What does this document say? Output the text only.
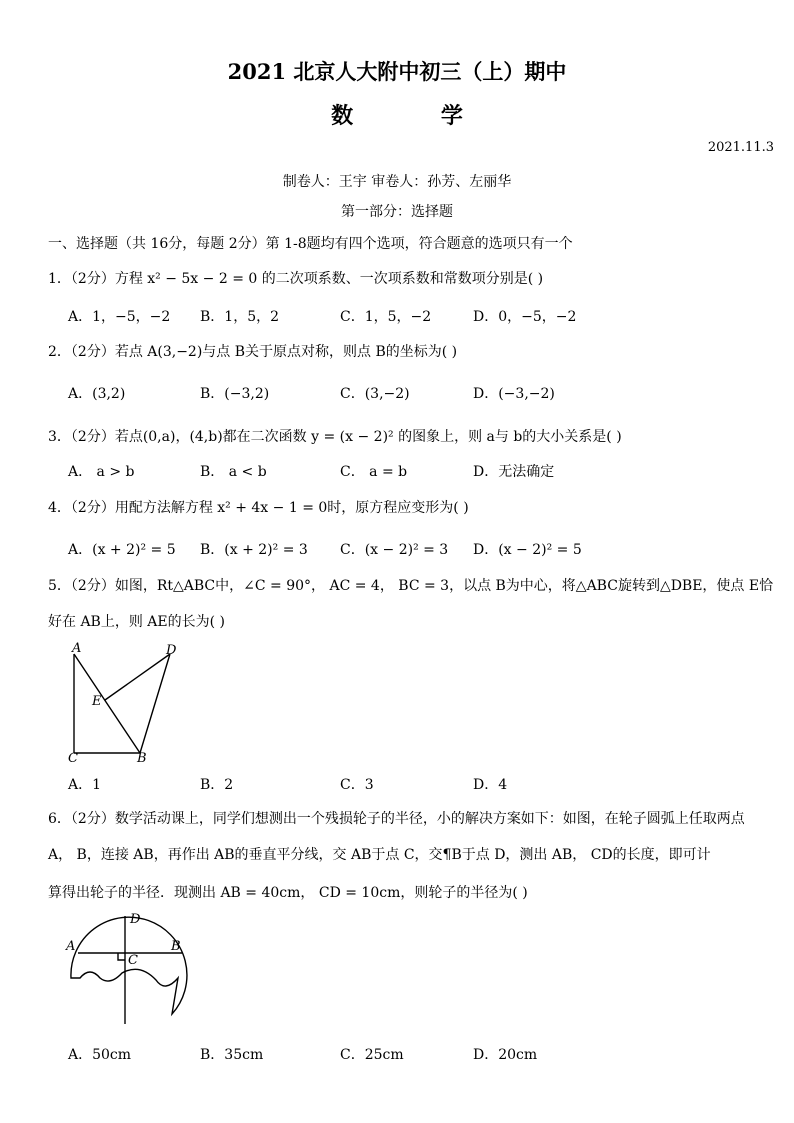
2021 北京人大附中初三（上）期中
数 学
2021.11.3
制卷人：王宇 审卷人：孙芳、左丽华
第一部分：选择题
一、选择题（共 16分，每题 2分）第 1-8题均有四个选项，符合题意的选项只有一个
1．（2分）方程 x² − 5x − 2 = 0 的二次项系数、一次项系数和常数项分别是( )
A．1，−5，−2 B．1，5，2	C．1，5，−2	D．0，−5，−2
2．（2分）若点 A(3,−2)与点 B关于原点对称，则点 B的坐标为( )
A．(3,2)	B．(−3,2)	C．(3,−2)	D．(−3,−2)
3．（2分）若点(0,a)，(4,b)都在二次函数 y = (x − 2)² 的图象上，则 a与 b的大小关系是( )
A． a > b	B． a < b	C． a = b	D．无法确定
4．（2分）用配方法解方程 x² + 4x − 1 = 0时，原方程应变形为( )
A．(x + 2)² = 5 B．(x + 2)² = 3 C．(x − 2)² = 3 D．(x − 2)² = 5
5．（2分）如图，Rt△ABC中，∠C = 90°， AC = 4， BC = 3，以点 B为中心，将△ABC旋转到△DBE，使点 E恰
好在 AB上，则 AE的长为( )
A	D
E
C	B
A．1	B．2	C．3	D．4
6．（2分）数学活动课上，同学们想测出一个残损轮子的半径，小的解决方案如下：如图，在轮子圆弧上任取两点
A， B，连接 AB，再作出 AB的垂直平分线，交 AB于点 C，交¶B于点 D，测出 AB， CD的长度，即可计
算得出轮子的半径．现测出 AB = 40cm， CD = 10cm，则轮子的半径为( )
D
A	B
C
A．50cm	B．35cm	C．25cm	D．20cm
